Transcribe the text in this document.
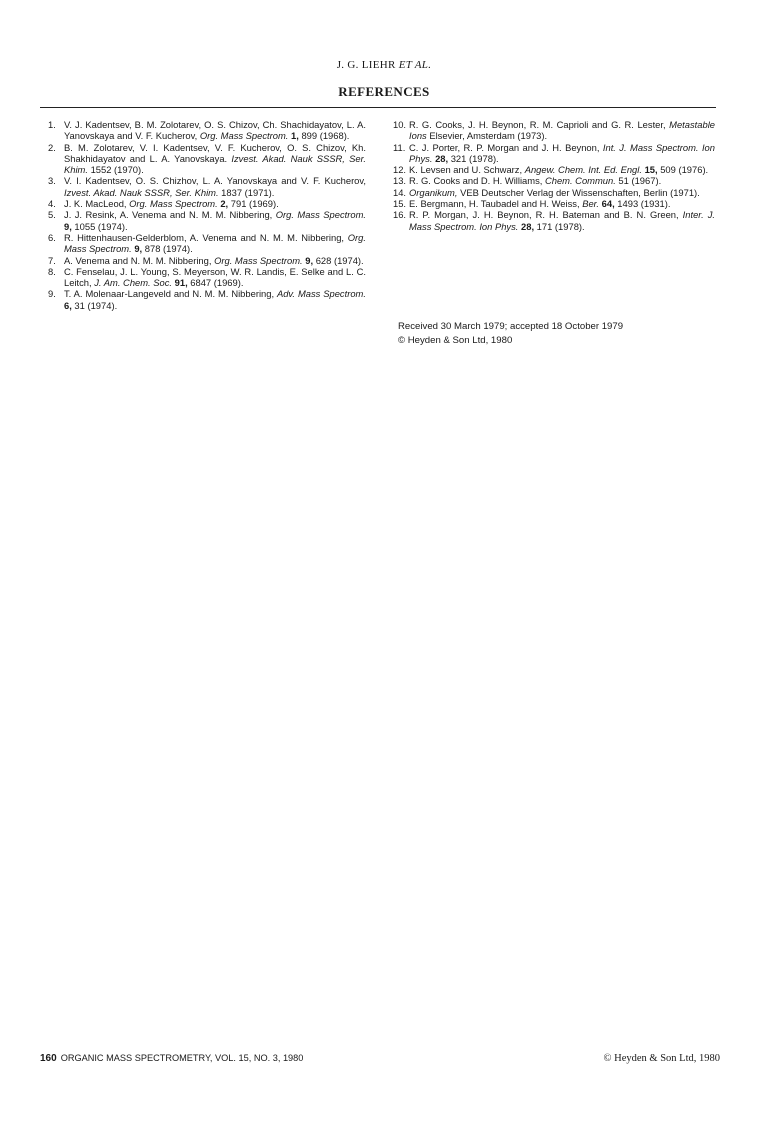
J. G. LIEHR ET AL.
REFERENCES
1. V. J. Kadentsev, B. M. Zolotarev, O. S. Chizov, Ch. Shachidayatov, L. A. Yanovskaya and V. F. Kucherov, Org. Mass Spectrom. 1, 899 (1968).
2. B. M. Zolotarev, V. I. Kadentsev, V. F. Kucherov, O. S. Chizov, Kh. Shakhidayatov and L. A. Yanovskaya. Izvest. Akad. Nauk SSSR, Ser. Khim. 1552 (1970).
3. V. I. Kadentsev, O. S. Chizhov, L. A. Yanovskaya and V. F. Kucherov, Izvest. Akad. Nauk SSSR, Ser. Khim. 1837 (1971).
4. J. K. MacLeod, Org. Mass Spectrom. 2, 791 (1969).
5. J. J. Resink, A. Venema and N. M. M. Nibbering, Org. Mass Spectrom. 9, 1055 (1974).
6. R. Hittenhausen-Gelderblom, A. Venema and N. M. M. Nibbering, Org. Mass Spectrom. 9, 878 (1974).
7. A. Venema and N. M. M. Nibbering, Org. Mass Spectrom. 9, 628 (1974).
8. C. Fenselau, J. L. Young, S. Meyerson, W. R. Landis, E. Selke and L. C. Leitch, J. Am. Chem. Soc. 91, 6847 (1969).
9. T. A. Molenaar-Langeveld and N. M. M. Nibbering, Adv. Mass Spectrom. 6, 31 (1974).
10. R. G. Cooks, J. H. Beynon, R. M. Caprioli and G. R. Lester, Metastable Ions Elsevier, Amsterdam (1973).
11. C. J. Porter, R. P. Morgan and J. H. Beynon, Int. J. Mass Spectrom. Ion Phys. 28, 321 (1978).
12. K. Levsen and U. Schwarz, Angew. Chem. Int. Ed. Engl. 15, 509 (1976).
13. R. G. Cooks and D. H. Williams, Chem. Commun. 51 (1967).
14. Organikum, VEB Deutscher Verlag der Wissenschaften, Berlin (1971).
15. E. Bergmann, H. Taubadel and H. Weiss, Ber. 64, 1493 (1931).
16. R. P. Morgan, J. H. Beynon, R. H. Bateman and B. N. Green, Inter. J. Mass Spectrom. Ion Phys. 28, 171 (1978).
Received 30 March 1979; accepted 18 October 1979
© Heyden & Son Ltd, 1980
160 ORGANIC MASS SPECTROMETRY, VOL. 15, NO. 3, 1980	© Heyden & Son Ltd, 1980
